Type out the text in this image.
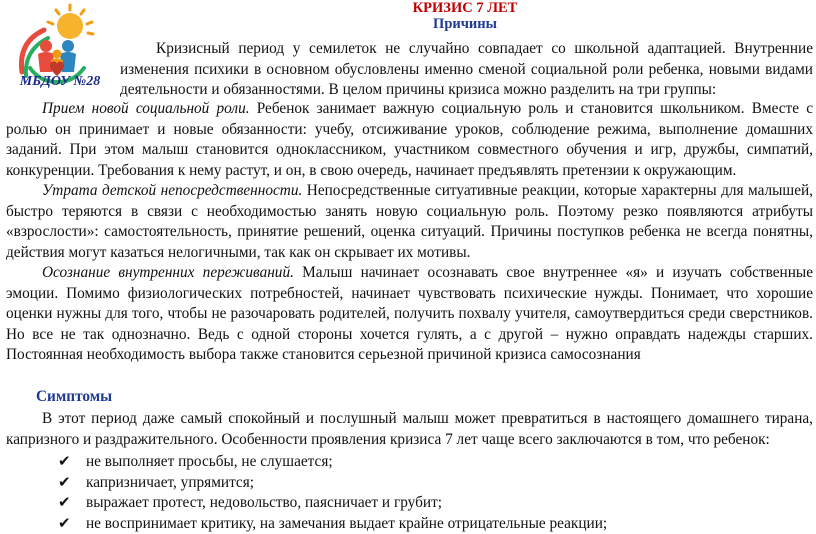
МБДОУ №28
КРИЗИС 7 ЛЕТ
Причины
Кризисный период у семилеток не случайно совпадает со школьной адаптацией. Внутренние изменения психики в основном обусловлены именно сменой социальной роли ребенка, новыми видами деятельности и обязанностями. В целом причины кризиса можно разделить на три группы:

Прием новой социальной роли. Ребенок занимает важную социальную роль и становится школьником. Вместе с ролью он принимает и новые обязанности: учебу, отсиживание уроков, соблюдение режима, выполнение домашних заданий. При этом малыш становится одноклассником, участником совместного обучения и игр, дружбы, симпатий, конкуренции. Требования к нему растут, и он, в свою очередь, начинает предъявлять претензии к окружающим.

Утрата детской непосредственности. Непосредственные ситуативные реакции, которые характерны для малышей, быстро теряются в связи с необходимостью занять новую социальную роль. Поэтому резко появляются атрибуты «взрослости»: самостоятельность, принятие решений, оценка ситуаций. Причины поступков ребенка не всегда понятны, действия могут казаться нелогичными, так как он скрывает их мотивы.

Осознание внутренних переживаний. Малыш начинает осознавать свое внутреннее «я» и изучать собственные эмоции. Помимо физиологических потребностей, начинает чувствовать психические нужды. Понимает, что хорошие оценки нужны для того, чтобы не разочаровать родителей, получить похвалу учителя, самоутвердиться среди сверстников. Но все не так однозначно. Ведь с одной стороны хочется гулять, а с другой – нужно оправдать надежды старших. Постоянная необходимость выбора также становится серьезной причиной кризиса самосознания

Симптомы

В этот период даже самый спокойный и послушный малыш может превратиться в настоящего домашнего тирана, капризного и раздражительного. Особенности проявления кризиса 7 лет чаще всего заключаются в том, что ребенок:

✔	не выполняет просьбы, не слушается;
✔	капризничает, упрямится;
✔	выражает протест, недовольство, паясничает и грубит;
✔	не воспринимает критику, на замечания выдает крайне отрицательные реакции;
